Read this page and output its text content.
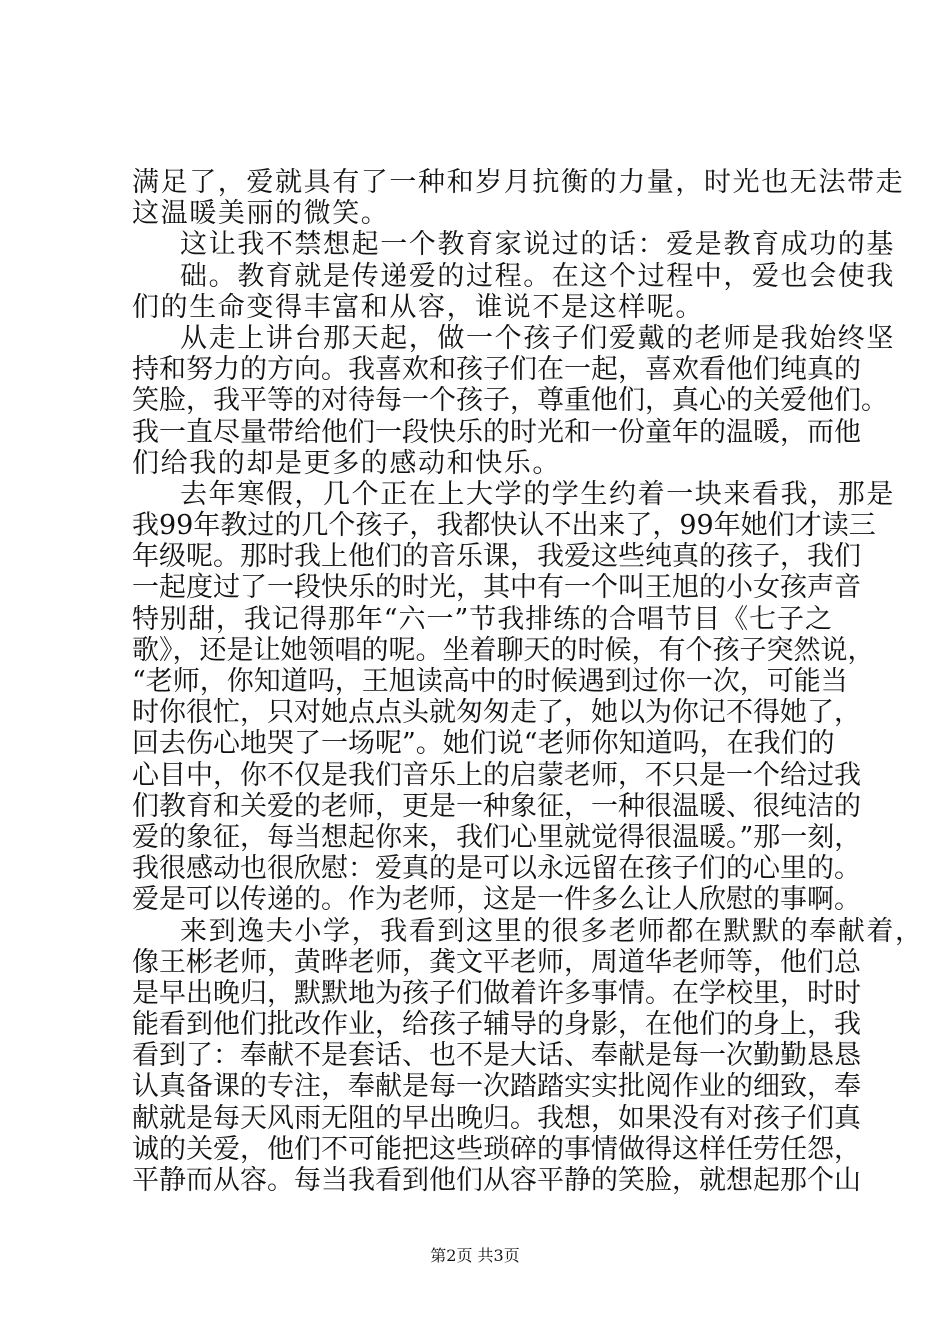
满足了，爱就具有了一种和岁月抗衡的力量，时光也无法带走
这温暖美丽的微笑。
这让我不禁想起一个教育家说过的话：爱是教育成功的基
础。教育就是传递爱的过程。在这个过程中，爱也会使我
们的生命变得丰富和从容，谁说不是这样呢。
从走上讲台那天起，做一个孩子们爱戴的老师是我始终坚
持和努力的方向。我喜欢和孩子们在一起，喜欢看他们纯真的
笑脸，我平等的对待每一个孩子，尊重他们，真心的关爱他们。
我一直尽量带给他们一段快乐的时光和一份童年的温暖，而他
们给我的却是更多的感动和快乐。
去年寒假，几个正在上大学的学生约着一块来看我，那是
我99年教过的几个孩子，我都快认不出来了，99年她们才读三
年级呢。那时我上他们的音乐课，我爱这些纯真的孩子，我们
一起度过了一段快乐的时光，其中有一个叫王旭的小女孩声音
特别甜，我记得那年“六一”节我排练的合唱节目《七子之
歌》，还是让她领唱的呢。坐着聊天的时候，有个孩子突然说，
“老师，你知道吗，王旭读高中的时候遇到过你一次，可能当
时你很忙，只对她点点头就匆匆走了，她以为你记不得她了，
回去伤心地哭了一场呢”。她们说“老师你知道吗，在我们的
心目中，你不仅是我们音乐上的启蒙老师，不只是一个给过我
们教育和关爱的老师，更是一种象征，一种很温暖、很纯洁的
爱的象征，每当想起你来，我们心里就觉得很温暖。”那一刻，
我很感动也很欣慰：爱真的是可以永远留在孩子们的心里的。
爱是可以传递的。作为老师，这是一件多么让人欣慰的事啊。
来到逸夫小学，我看到这里的很多老师都在默默的奉献着，
像王彬老师，黄晔老师，龚文平老师，周道华老师等，他们总
是早出晚归，默默地为孩子们做着许多事情。在学校里，时时
能看到他们批改作业，给孩子辅导的身影，在他们的身上，我
看到了：奉献不是套话、也不是大话、奉献是每一次勤勤恳恳
认真备课的专注，奉献是每一次踏踏实实批阅作业的细致，奉
献就是每天风雨无阻的早出晚归。我想，如果没有对孩子们真
诚的关爱，他们不可能把这些琐碎的事情做得这样任劳任怨，
平静而从容。每当我看到他们从容平静的笑脸，就想起那个山
第2页 共3页
